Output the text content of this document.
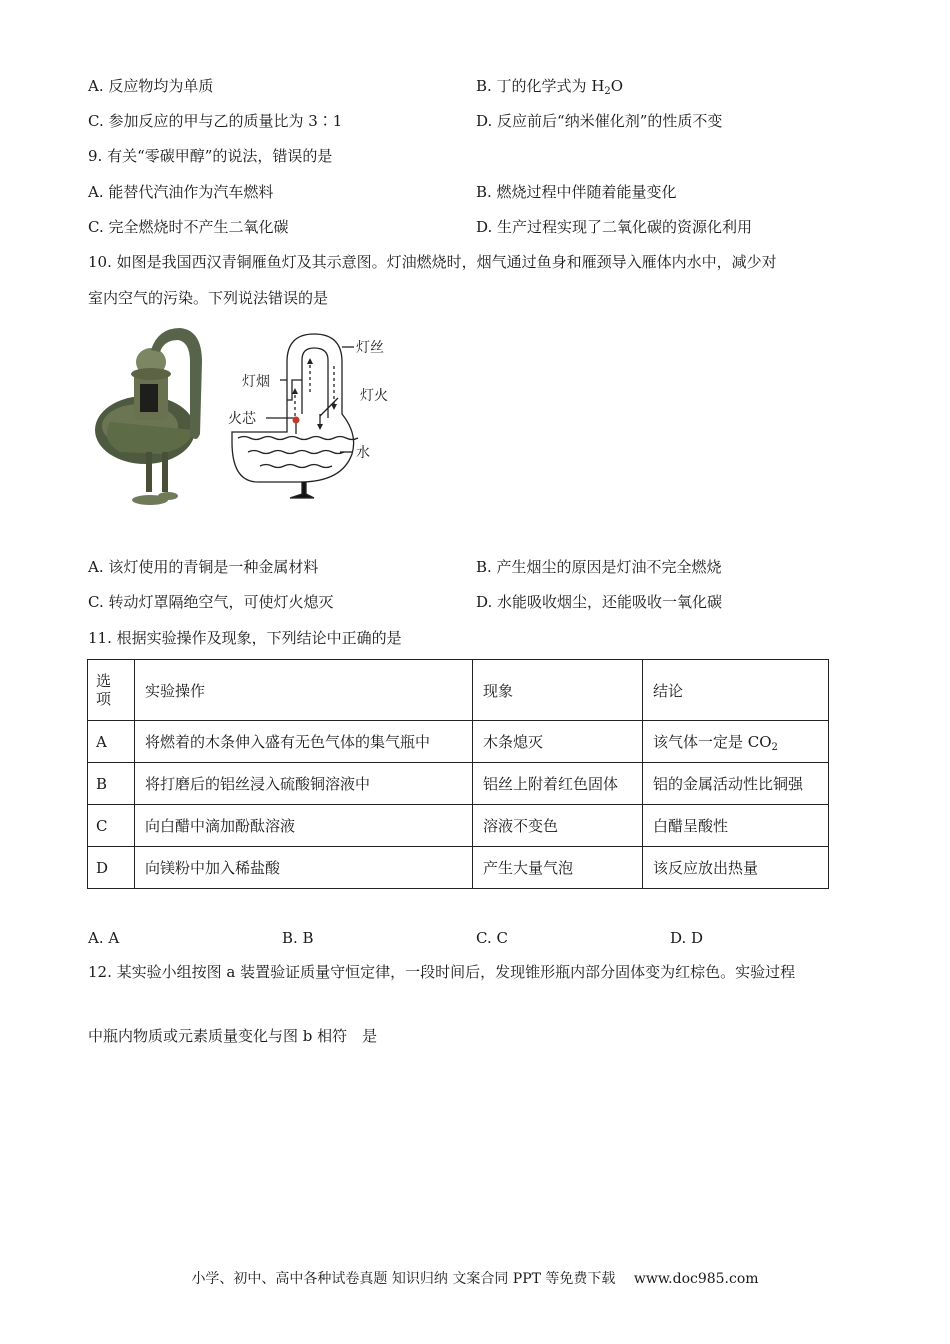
A. 反应物均为单质	B. 丁的化学式为 $H_2O$
C. 参加反应的甲与乙的质量比为 3∶1	D. 反应前后“纳米催化剂”的性质不变
9. 有关“零碳甲醇”的说法，错误的是
A. 能替代汽油作为汽车燃料	B. 燃烧过程中伴随着能量变化
C. 完全燃烧时不产生二氧化碳	D. 生产过程实现了二氧化碳的资源化利用
10. 如图是我国西汉青铜雁鱼灯及其示意图。灯油燃烧时，烟气通过鱼身和雁颈导入雁体内水中，减少对
室内空气的污染。下列说法错误的是
灯丝
灯烟
灯火
火芯
水
A. 该灯使用的青铜是一种金属材料	B. 产生烟尘的原因是灯油不完全燃烧
C. 转动灯罩隔绝空气，可使灯火熄灭	D. 水能吸收烟尘，还能吸收一氧化碳
11. 根据实验操作及现象，下列结论中正确的是
选
项	实验操作	现象	结论
A	将燃着的木条伸入盛有无色气体的集气瓶中	木条熄灭	该气体一定是 $CO_2$
B	将打磨后的铝丝浸入硫酸铜溶液中	铝丝上附着红色固体	铝的金属活动性比铜强
C	向白醋中滴加酚酞溶液	溶液不变色	白醋呈酸性
D	向镁粉中加入稀盐酸	产生大量气泡	该反应放出热量
A. A	B. B	C. C	D. D
12. 某实验小组按图 a 装置验证质量守恒定律，一段时间后，发现锥形瓶内部分固体变为红棕色。实验过程
中瓶内物质或元素质量变化与图 b 相符　是
小学、初中、高中各种试卷真题 知识归纳 文案合同 PPT 等免费下载　 www.doc985.com
